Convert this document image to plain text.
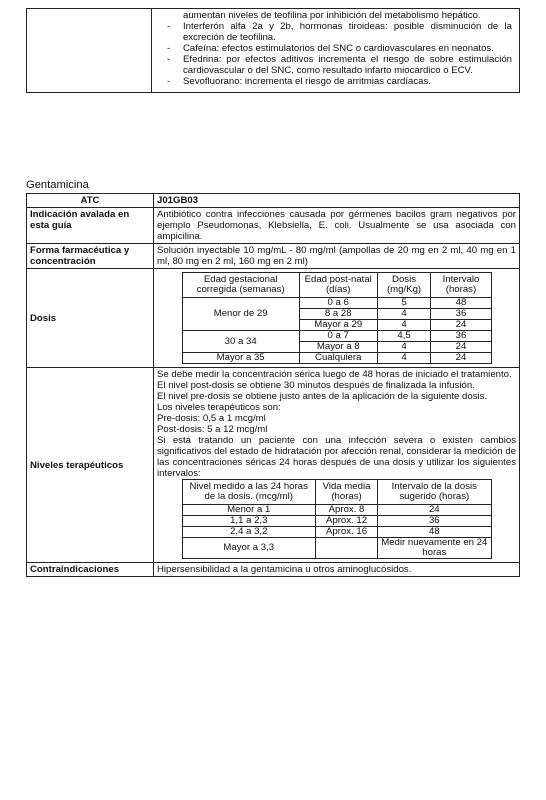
aumentan niveles de teofilina por inhibición del metabolismo hepático.
- Interferón alfa 2a y 2b, hormonas tiroideas: posible disminución de la excreción de teofilina.
- Cafeína: efectos estimulatorios del SNC o cardiovasculares en neonatos.
- Efedrina: por efectos aditivos incrementa el riesgo de sobre estimulación cardiovascular o del SNC, como resultado infarto miocárdico o ECV.
- Sevofluorano: incrementa el riesgo de arritmias cardíacas.
Gentamicina
ATC	J01GB03
Indicación avalada en esta guía	Antibiótico contra infecciones causada por gérmenes bacilos gram negativos por ejemplo Pseudomonas, Klebsiella, E. coli. Usualmente se usa asociada con ampicilina.
Forma farmacéutica y concentración	Solución inyectable 10 mg/mL - 80 mg/ml (ampollas de 20 mg en 2 ml, 40 mg en 1 ml, 80 mg en 2 ml, 160 mg en 2 ml)
Dosis	
Edad gestacional corregida (semanas)	Edad post-natal (días)	Dosis (mg/Kg)	Intervalo (horas)
Menor de 29	0 a 6	5	48
8 a 28	4	36
Mayor a 29	4	24
30 a 34	0 a 7	4,5	36
Mayor a 8	4	24
Mayor a 35	Cualquiera	4	24

Niveles terapéuticos	

Se debe medir la concentración sérica luego de 48 horas de iniciado el tratamiento.

El nivel post-dosis se obtiene 30 minutos después de finalizada la infusión.

El nivel pre-dosis se obtiene justo antes de la aplicación de la siguiente dosis.

Los niveles terapéuticos son:

Pre-dosis: 0,5 a 1 mcg/ml

Post-dosis: 5 a 12 mcg/ml

Si está tratando un paciente con una infección severa o existen cambios significativos del estado de hidratación por afección renal, considerar la medición de las concentraciones séricas 24 horas después de una dosis y utilizar los siguientes intervalos:

Nivel medido a las 24 horas de la dosis. (mcg/ml)	Vida media (horas)	Intervalo de la dosis sugerido (horas)
Menor a 1	Aprox. 8	24
1,1 a 2,3	Aprox. 12	36
2,4 a 3,2	Aprox. 16	48
Mayor a 3,3		Medir nuevamente en 24 horas

Contraindicaciones	Hipersensibilidad a la gentamicina u otros aminoglucósidos.
